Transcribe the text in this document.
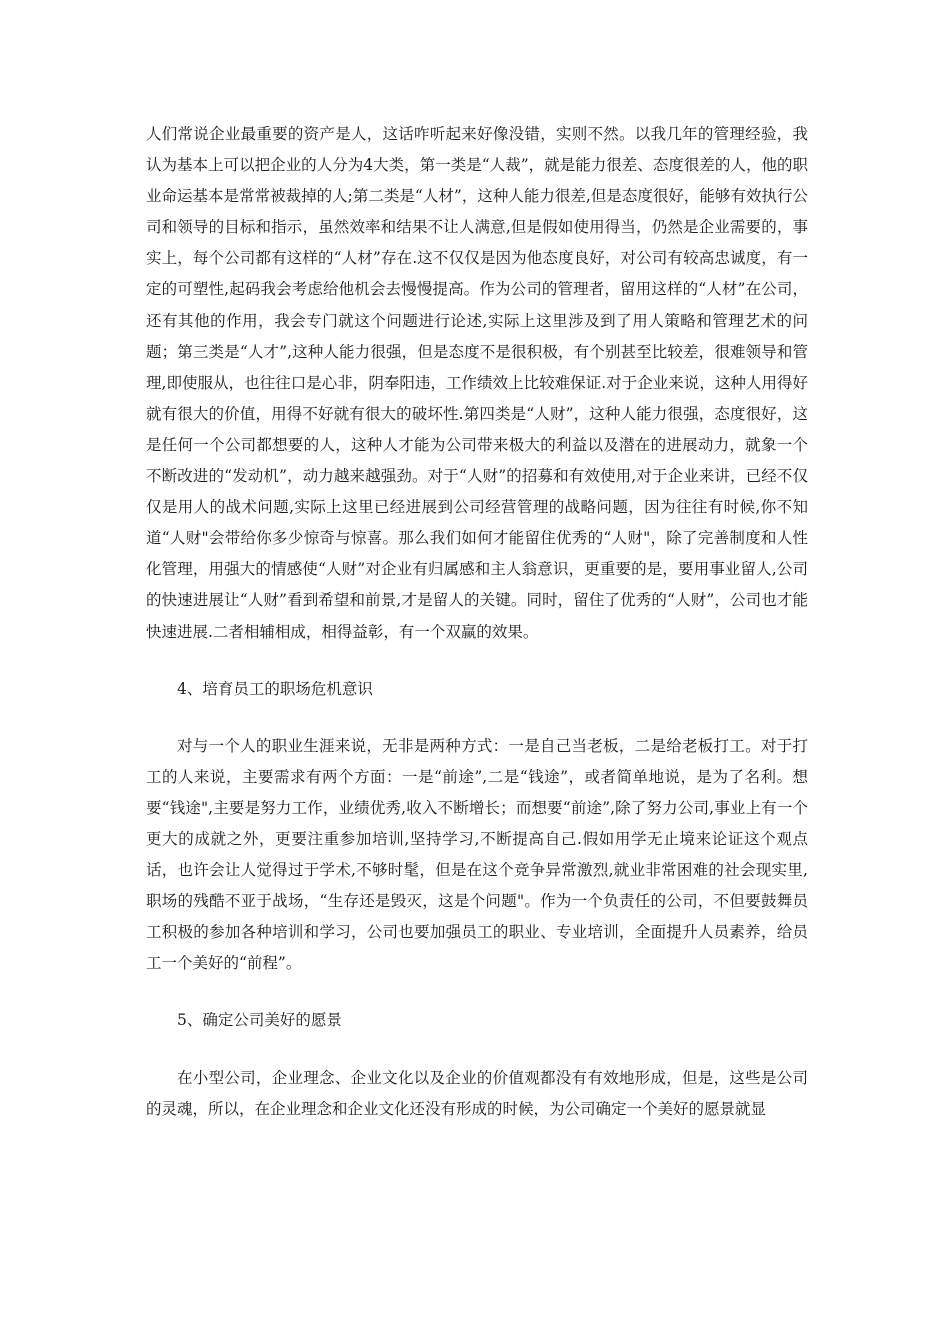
人们常说企业最重要的资产是人，这话咋听起来好像没错，实则不然。以我几年的管理经验，我认为基本上可以把企业的人分为4大类，第一类是“人裁”，就是能力很差、态度很差的人，他的职业命运基本是常常被裁掉的人;第二类是“人材”，这种人能力很差,但是态度很好，能够有效执行公司和领导的目标和指示，虽然效率和结果不让人满意,但是假如使用得当，仍然是企业需要的，事实上，每个公司都有这样的“人材”存在.这不仅仅是因为他态度良好，对公司有较高忠诚度，有一定的可塑性,起码我会考虑给他机会去慢慢提高。作为公司的管理者，留用这样的“人材”在公司，还有其他的作用，我会专门就这个问题进行论述,实际上这里涉及到了用人策略和管理艺术的问题；第三类是“人才”,这种人能力很强，但是态度不是很积极，有个别甚至比较差，很难领导和管理,即使服从，也往往口是心非，阴奉阳违，工作绩效上比较难保证.对于企业来说，这种人用得好就有很大的价值，用得不好就有很大的破坏性.第四类是“人财”，这种人能力很强，态度很好，这是任何一个公司都想要的人，这种人才能为公司带来极大的利益以及潜在的进展动力，就象一个不断改进的“发动机”，动力越来越强劲。对于“人财”的招募和有效使用,对于企业来讲，已经不仅仅是用人的战术问题,实际上这里已经进展到公司经营管理的战略问题，因为往往有时候,你不知道“人财"会带给你多少惊奇与惊喜。那么我们如何才能留住优秀的“人财"，除了完善制度和人性化管理，用强大的情感使“人财”对企业有归属感和主人翁意识，更重要的是，要用事业留人,公司的快速进展让“人财”看到希望和前景,才是留人的关键。同时，留住了优秀的“人财”，公司也才能快速进展.二者相辅相成，相得益彰，有一个双赢的效果。

4、培育员工的职场危机意识

对与一个人的职业生涯来说，无非是两种方式：一是自己当老板，二是给老板打工。对于打工的人来说，主要需求有两个方面：一是“前途”,二是“钱途”，或者简单地说，是为了名利。想要“钱途",主要是努力工作，业绩优秀,收入不断增长；而想要“前途”,除了努力公司,事业上有一个更大的成就之外，更要注重参加培训,坚持学习,不断提高自己.假如用学无止境来论证这个观点话，也许会让人觉得过于学术,不够时髦，但是在这个竞争异常激烈,就业非常困难的社会现实里,职场的残酷不亚于战场，“生存还是毁灭，这是个问题"。作为一个负责任的公司，不但要鼓舞员工积极的参加各种培训和学习，公司也要加强员工的职业、专业培训，全面提升人员素养，给员工一个美好的“前程”。

5、确定公司美好的愿景

在小型公司，企业理念、企业文化以及企业的价值观都没有有效地形成，但是，这些是公司的灵魂，所以，在企业理念和企业文化还没有形成的时候，为公司确定一个美好的愿景就显
